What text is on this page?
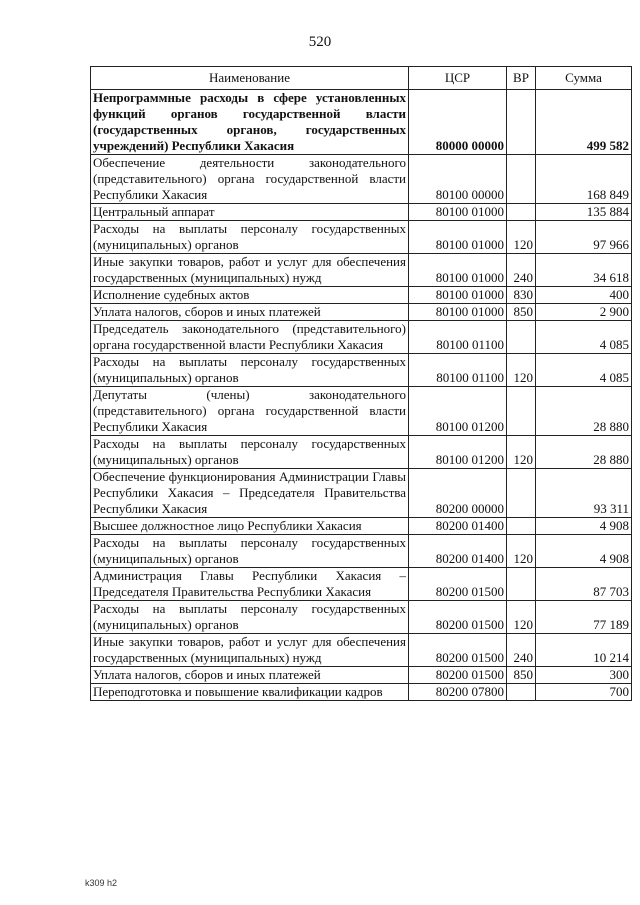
520
Наименование	ЦСР	ВР	Сумма
Непрограммные расходы в сфере установленных функций органов государственной власти (государственных органов, государственных учреждений) Республики Хакасия	80000 00000		499 582
Обеспечение деятельности законодательного (представительного) органа государственной власти Республики Хакасия	80100 00000		168 849
Центральный аппарат	80100 01000		135 884
Расходы на выплаты персоналу государственных (муниципальных) органов	80100 01000	120	97 966
Иные закупки товаров, работ и услуг для обеспечения государственных (муниципальных) нужд	80100 01000	240	34 618
Исполнение судебных актов	80100 01000	830	400
Уплата налогов, сборов и иных платежей	80100 01000	850	2 900
Председатель законодательного (представительного) органа государственной власти Республики Хакасия	80100 01100		4 085
Расходы на выплаты персоналу государственных (муниципальных) органов	80100 01100	120	4 085
Депутаты (члены) законодательного (представительного) органа государственной власти Республики Хакасия	80100 01200		28 880
Расходы на выплаты персоналу государственных (муниципальных) органов	80100 01200	120	28 880
Обеспечение функционирования Администрации Главы Республики Хакасия – Председателя Правительства Республики Хакасия	80200 00000		93 311
Высшее должностное лицо Республики Хакасия	80200 01400		4 908
Расходы на выплаты персоналу государственных (муниципальных) органов	80200 01400	120	4 908
Администрация Главы Республики Хакасия – Председателя Правительства Республики Хакасия	80200 01500		87 703
Расходы на выплаты персоналу государственных (муниципальных) органов	80200 01500	120	77 189
Иные закупки товаров, работ и услуг для обеспечения государственных (муниципальных) нужд	80200 01500	240	10 214
Уплата налогов, сборов и иных платежей	80200 01500	850	300
Переподготовка и повышение квалификации кадров	80200 07800		700
k309 h2
